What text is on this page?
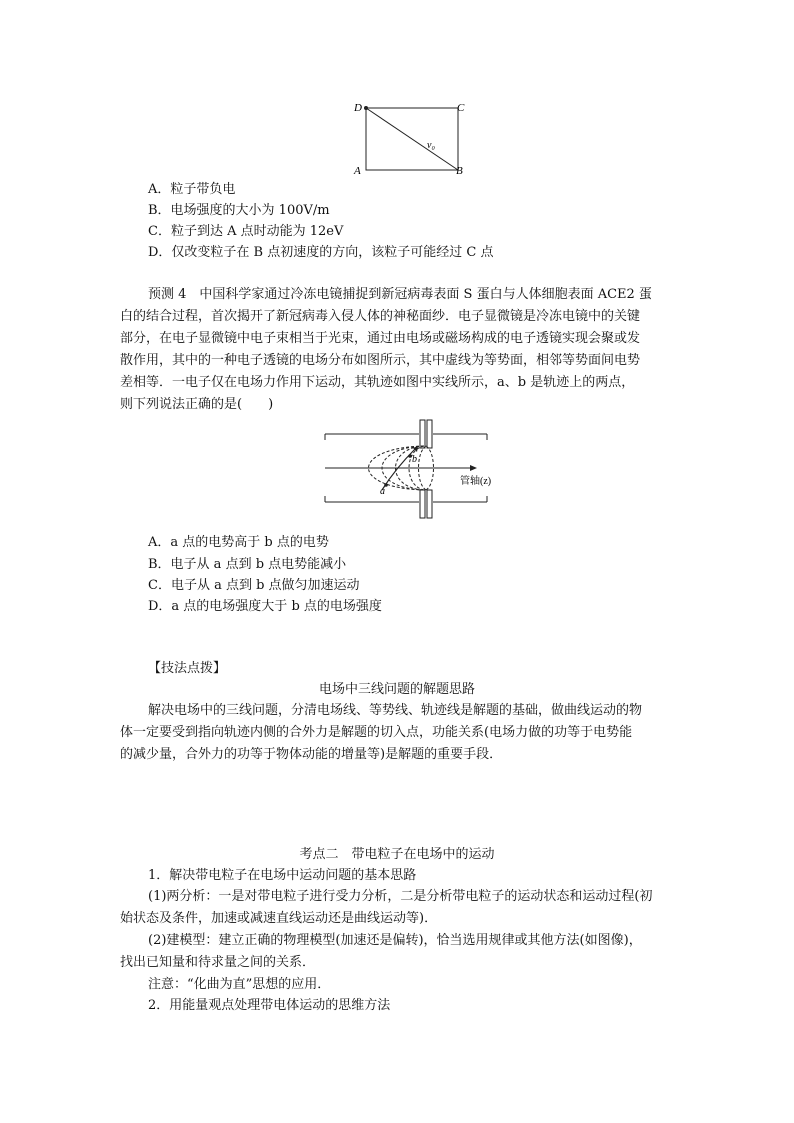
D	C
A	B
v₀
A．粒子带负电
B．电场强度的大小为 100V/m
C．粒子到达 A 点时动能为 12eV
D．仅改变粒子在 B 点初速度的方向，该粒子可能经过 C 点
预测 4　中国科学家通过冷冻电镜捕捉到新冠病毒表面 S 蛋白与人体细胞表面 ACE2 蛋
白的结合过程，首次揭开了新冠病毒入侵人体的神秘面纱．电子显微镜是冷冻电镜中的关键
部分，在电子显微镜中电子束相当于光束，通过由电场或磁场构成的电子透镜实现会聚或发
散作用，其中的一种电子透镜的电场分布如图所示，其中虚线为等势面，相邻等势面间电势
差相等．一电子仅在电场力作用下运动，其轨迹如图中实线所示，a、b 是轨迹上的两点，
则下列说法正确的是(　　)
a
b
管轴(z)
A．a 点的电势高于 b 点的电势
B．电子从 a 点到 b 点电势能减小
C．电子从 a 点到 b 点做匀加速运动
D．a 点的电场强度大于 b 点的电场强度
【技法点拨】
电场中三线问题的解题思路
解决电场中的三线问题，分清电场线、等势线、轨迹线是解题的基础，做曲线运动的物
体一定要受到指向轨迹内侧的合外力是解题的切入点，功能关系(电场力做的功等于电势能
的减少量，合外力的功等于物体动能的增量等)是解题的重要手段．
考点二　带电粒子在电场中的运动
1．解决带电粒子在电场中运动问题的基本思路
(1)两分析：一是对带电粒子进行受力分析，二是分析带电粒子的运动状态和运动过程(初
始状态及条件，加速或减速直线运动还是曲线运动等)．
(2)建模型：建立正确的物理模型(加速还是偏转)，恰当选用规律或其他方法(如图像)，
找出已知量和待求量之间的关系．
注意：“化曲为直”思想的应用．
2．用能量观点处理带电体运动的思维方法
